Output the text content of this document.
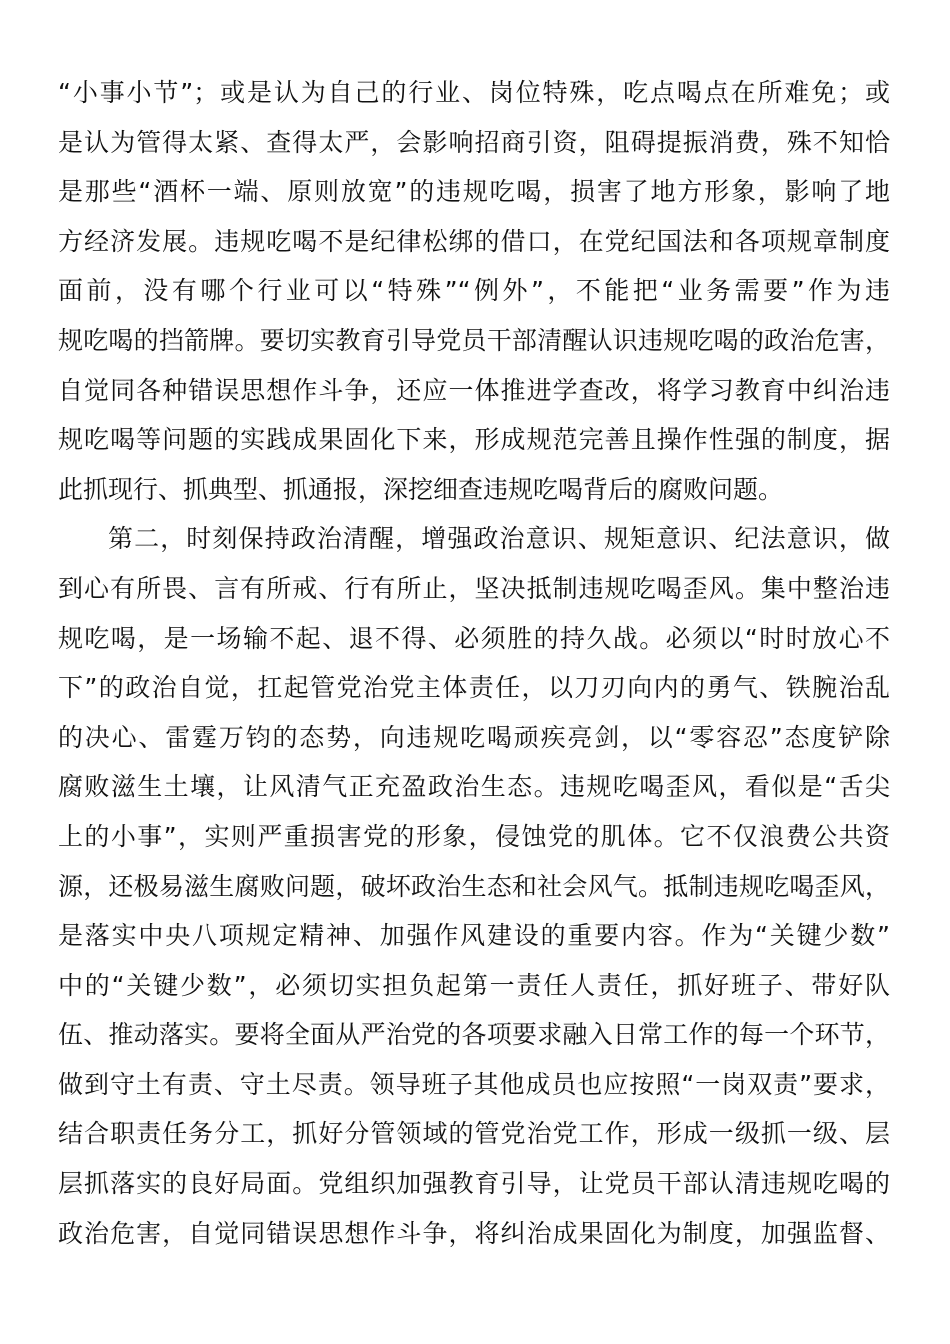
“小事小节”；或是认为自己的行业、岗位特殊，吃点喝点在所难免；或
是认为管得太紧、查得太严，会影响招商引资，阻碍提振消费，殊不知恰
是那些“酒杯一端、原则放宽”的违规吃喝，损害了地方形象，影响了地
方经济发展。违规吃喝不是纪律松绑的借口，在党纪国法和各项规章制度
面前，没有哪个行业可以“特殊”“例外”，不能把“业务需要”作为违
规吃喝的挡箭牌。要切实教育引导党员干部清醒认识违规吃喝的政治危害，
自觉同各种错误思想作斗争，还应一体推进学查改，将学习教育中纠治违
规吃喝等问题的实践成果固化下来，形成规范完善且操作性强的制度，据
此抓现行、抓典型、抓通报，深挖细查违规吃喝背后的腐败问题。
第二，时刻保持政治清醒，增强政治意识、规矩意识、纪法意识，做
到心有所畏、言有所戒、行有所止，坚决抵制违规吃喝歪风。集中整治违
规吃喝，是一场输不起、退不得、必须胜的持久战。必须以“时时放心不
下”的政治自觉，扛起管党治党主体责任，以刀刃向内的勇气、铁腕治乱
的决心、雷霆万钧的态势，向违规吃喝顽疾亮剑，以“零容忍”态度铲除
腐败滋生土壤，让风清气正充盈政治生态。违规吃喝歪风，看似是“舌尖
上的小事”，实则严重损害党的形象，侵蚀党的肌体。它不仅浪费公共资
源，还极易滋生腐败问题，破坏政治生态和社会风气。抵制违规吃喝歪风，
是落实中央八项规定精神、加强作风建设的重要内容。作为“关键少数”
中的“关键少数”，必须切实担负起第一责任人责任，抓好班子、带好队
伍、推动落实。要将全面从严治党的各项要求融入日常工作的每一个环节，
做到守土有责、守土尽责。领导班子其他成员也应按照“一岗双责”要求，
结合职责任务分工，抓好分管领域的管党治党工作，形成一级抓一级、层
层抓落实的良好局面。党组织加强教育引导，让党员干部认清违规吃喝的
政治危害，自觉同错误思想作斗争，将纠治成果固化为制度，加强监督、
